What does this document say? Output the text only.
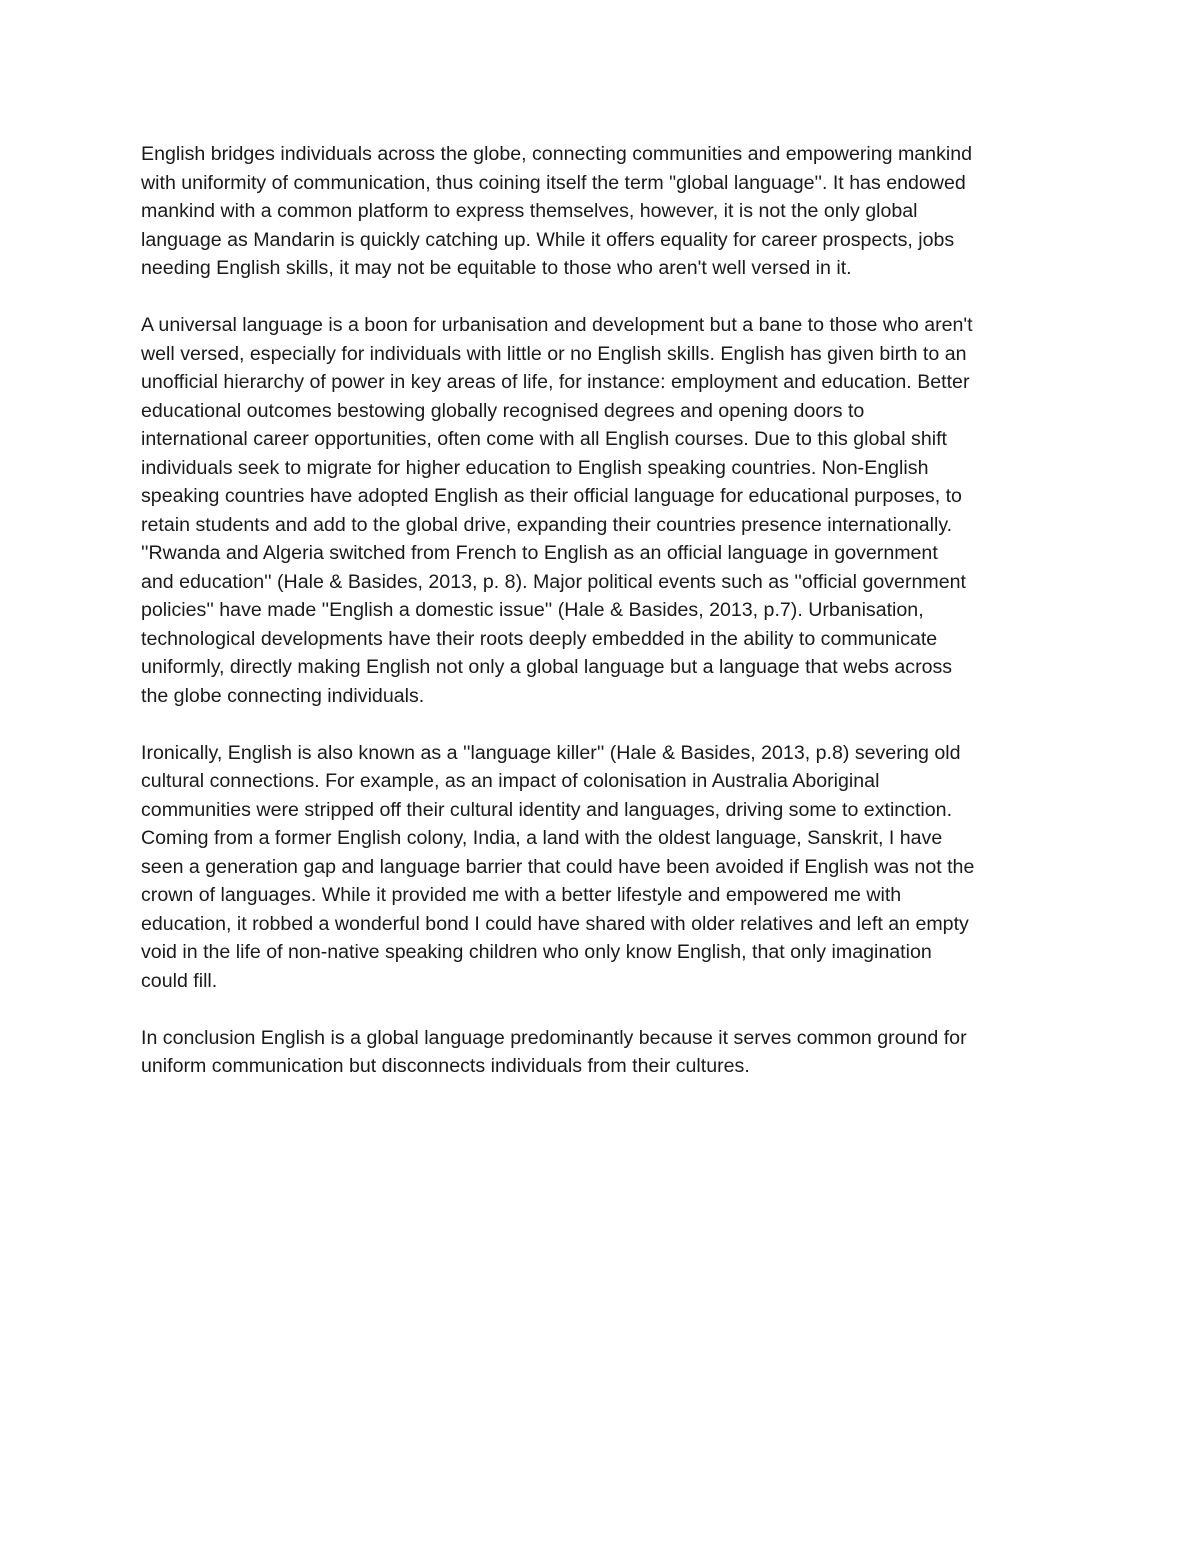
English bridges individuals across the globe, connecting communities and empowering mankind
with uniformity of communication, thus coining itself the term "global language''. It has endowed
mankind with a common platform to express themselves, however, it is not the only global
language as Mandarin is quickly catching up. While it offers equality for career prospects, jobs
needing English skills, it may not be equitable to those who aren't well versed in it.

A universal language is a boon for urbanisation and development but a bane to those who aren't
well versed, especially for individuals with little or no English skills. English has given birth to an
unofficial hierarchy of power in key areas of life, for instance: employment and education. Better
educational outcomes bestowing globally recognised degrees and opening doors to
international career opportunities, often come with all English courses. Due to this global shift
individuals seek to migrate for higher education to English speaking countries. Non-English
speaking countries have adopted English as their official language for educational purposes, to
retain students and add to the global drive, expanding their countries presence internationally.
''Rwanda and Algeria switched from French to English as an official language in government
and education'' (Hale & Basides, 2013, p. 8). Major political events such as ''official government
policies'' have made ''English a domestic issue'' (Hale & Basides, 2013, p.7). Urbanisation,
technological developments have their roots deeply embedded in the ability to communicate
uniformly, directly making English not only a global language but a language that webs across
the globe connecting individuals.

Ironically, English is also known as a ''language killer'' (Hale & Basides, 2013, p.8) severing old
cultural connections. For example, as an impact of colonisation in Australia Aboriginal
communities were stripped off their cultural identity and languages, driving some to extinction.
Coming from a former English colony, India, a land with the oldest language, Sanskrit, I have
seen a generation gap and language barrier that could have been avoided if English was not the
crown of languages. While it provided me with a better lifestyle and empowered me with
education, it robbed a wonderful bond I could have shared with older relatives and left an empty
void in the life of non-native speaking children who only know English, that only imagination
could fill.

In conclusion English is a global language predominantly because it serves common ground for
uniform communication but disconnects individuals from their cultures.
